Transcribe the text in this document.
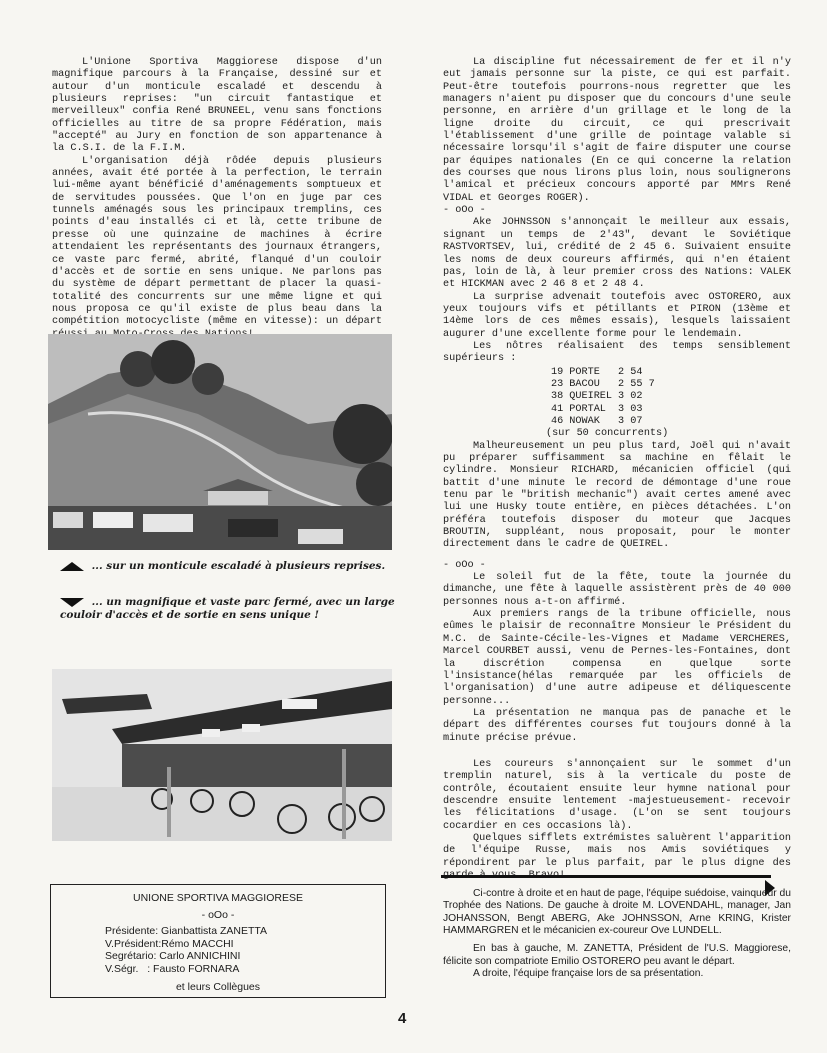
L'Unione Sportiva Maggiorese dispose d'un magnifique parcours à la Française, dessiné sur et autour d'un monticule escaladé et descendu à plusieurs reprises: "un circuit fantastique et merveilleux" confia René BRUNEEL, venu sans fonctions officielles au titre de sa propre Fédération, mais "accepté" au Jury en fonction de son appartenance à la C.S.I. de la F.I.M.

L'organisation déjà rôdée depuis plusieurs années, avait été portée à la perfection, le terrain lui-même ayant bénéficié d'aménagements somptueux et de servitudes poussées. Que l'on en juge par ces tunnels aménagés sous les principaux tremplins, ces points d'eau installés ci et là, cette tribune de presse où une quinzaine de machines à écrire attendaient les représentants des journaux étrangers, ce vaste parc fermé, abrité, flanqué d'un couloir d'accès et de sortie en sens unique. Ne parlons pas du système de départ permettant de placer la quasi-totalité des concurrents sur une même ligne et qui nous proposa ce qu'il existe de plus beau dans la compétition motocycliste (même en vitesse): un départ

... sur un monticule escaladé à plusieurs reprises.
... un magnifique et vaste parc fermé, avec un large couloir d'accès et de sortie en sens unique !
UNIONE SPORTIVA MAGGIORESE
- oOo -
Présidente: Gianbattista ZANETTA
V.Président:Rémo MACCHI
Segrétario: Carlo ANNICHINI
V.Ségr.   : Fausto FORNARA
et leurs Collègues

La discipline fut nécessairement de fer et il n'y eut jamais personne sur la piste, ce qui est parfait. Peut-être toutefois pourrons-nous regretter que les managers n'aient pu disposer que du concours d'une seule personne, en arrière d'un grillage et le long de la ligne droite du circuit, ce qui prescrivait l'établissement d'une grille de pointage valable si nécessaire lorsqu'il s'agit de faire disputer une course par équipes nationales (En ce qui concerne la relation des courses que nous lirons plus loin, nous soulignerons l'amical et précieux concours apporté par MMrs René VIDAL et Georges ROGER).

- oOo -

Ake JOHNSSON s'annonçait le meilleur aux essais, signant un temps de 2'43", devant le Soviétique RASTVORTSEV, lui, crédité de 2 45 6. Suivaient ensuite les noms de deux coureurs affirmés, qui n'en étaient pas, loin de là, à leur premier cross des Nations: VALEK et HICKMAN avec 2 46 8 et 2 48 4.

La surprise advenait toutefois avec OSTORERO, aux yeux toujours vifs et pétillants et PIRON (13ème et 14ème lors de ces mêmes essais), lesquels laissaient augurer d'une excellente forme pour le lendemain.

Les nôtres réalisaient des temps sensiblement supérieurs :

19	PORTE	2 54
23	BACOU	2 55 7
38	QUEIREL	3 02
41	PORTAL	3 03
46	NOWAK	3 07
(sur 50 concurrents)

Malheureusement un peu plus tard, Joël qui n'avait pu préparer suffisamment sa machine en fêlait le cylindre. Monsieur RICHARD, mécanicien officiel (qui battit d'une minute le record de démontage d'une roue tenu par le "british mechanic") avait certes amené avec lui une Husky toute entière, en pièces détachées. L'on préféra toutefois disposer du moteur que Jacques BROUTIN, suppléant, nous proposait, pour le monter directement dans le cadre de QUEIREL.

- oOo -

Le soleil fut de la fête, toute la journée du dimanche, une fête à laquelle assistèrent près de 40 000 personnes nous a-t-on affirmé.

Aux premiers rangs de la tribune officielle, nous eûmes le plaisir de reconnaître Monsieur le Président du M.C. de Sainte-Cécile-les-Vignes et Madame VERCHERES, Marcel COURBET aussi, venu de Pernes-les-Fontaines, dont la discrétion compensa en quelque sorte l'insistance(hélas remarquée par les officiels de l'organisation) d'une autre adipeuse et déliquescente personne...

La présentation ne manqua pas de panache et le départ des différentes courses fut toujours donné à la minute précise prévue.

Les coureurs s'annonçaient sur le sommet d'un tremplin naturel, sis à la verticale du poste de contrôle, écoutaient ensuite leur hymne national pour descendre ensuite lentement -majestueusement- recevoir les félicitations d'usage. (L'on se sent toujours cocardier en ces occasions là).

Quelques sifflets extrémistes saluèrent l'apparition de l'équipe Russe, mais nos Amis soviétiques y répondirent par le plus parfait, par le plus digne des

Ci-contre à droite et en haut de page, l'équipe suédoise, vainqueur du Trophée des Nations. De gauche à droite M. LOVENDAHL, manager, Jan JOHANSSON, Bengt ABERG, Ake JOHNSSON, Arne KRING, Krister HAMMARGREN et le mécanicien ex-coureur Ove LUNDELL.

En bas à gauche, M. ZANETTA, Président de l'U.S. Maggiorese, félicite son compatriote Emilio OSTORERO peu avant le départ.

A droite, l'équipe française lors de sa présentation.

4
